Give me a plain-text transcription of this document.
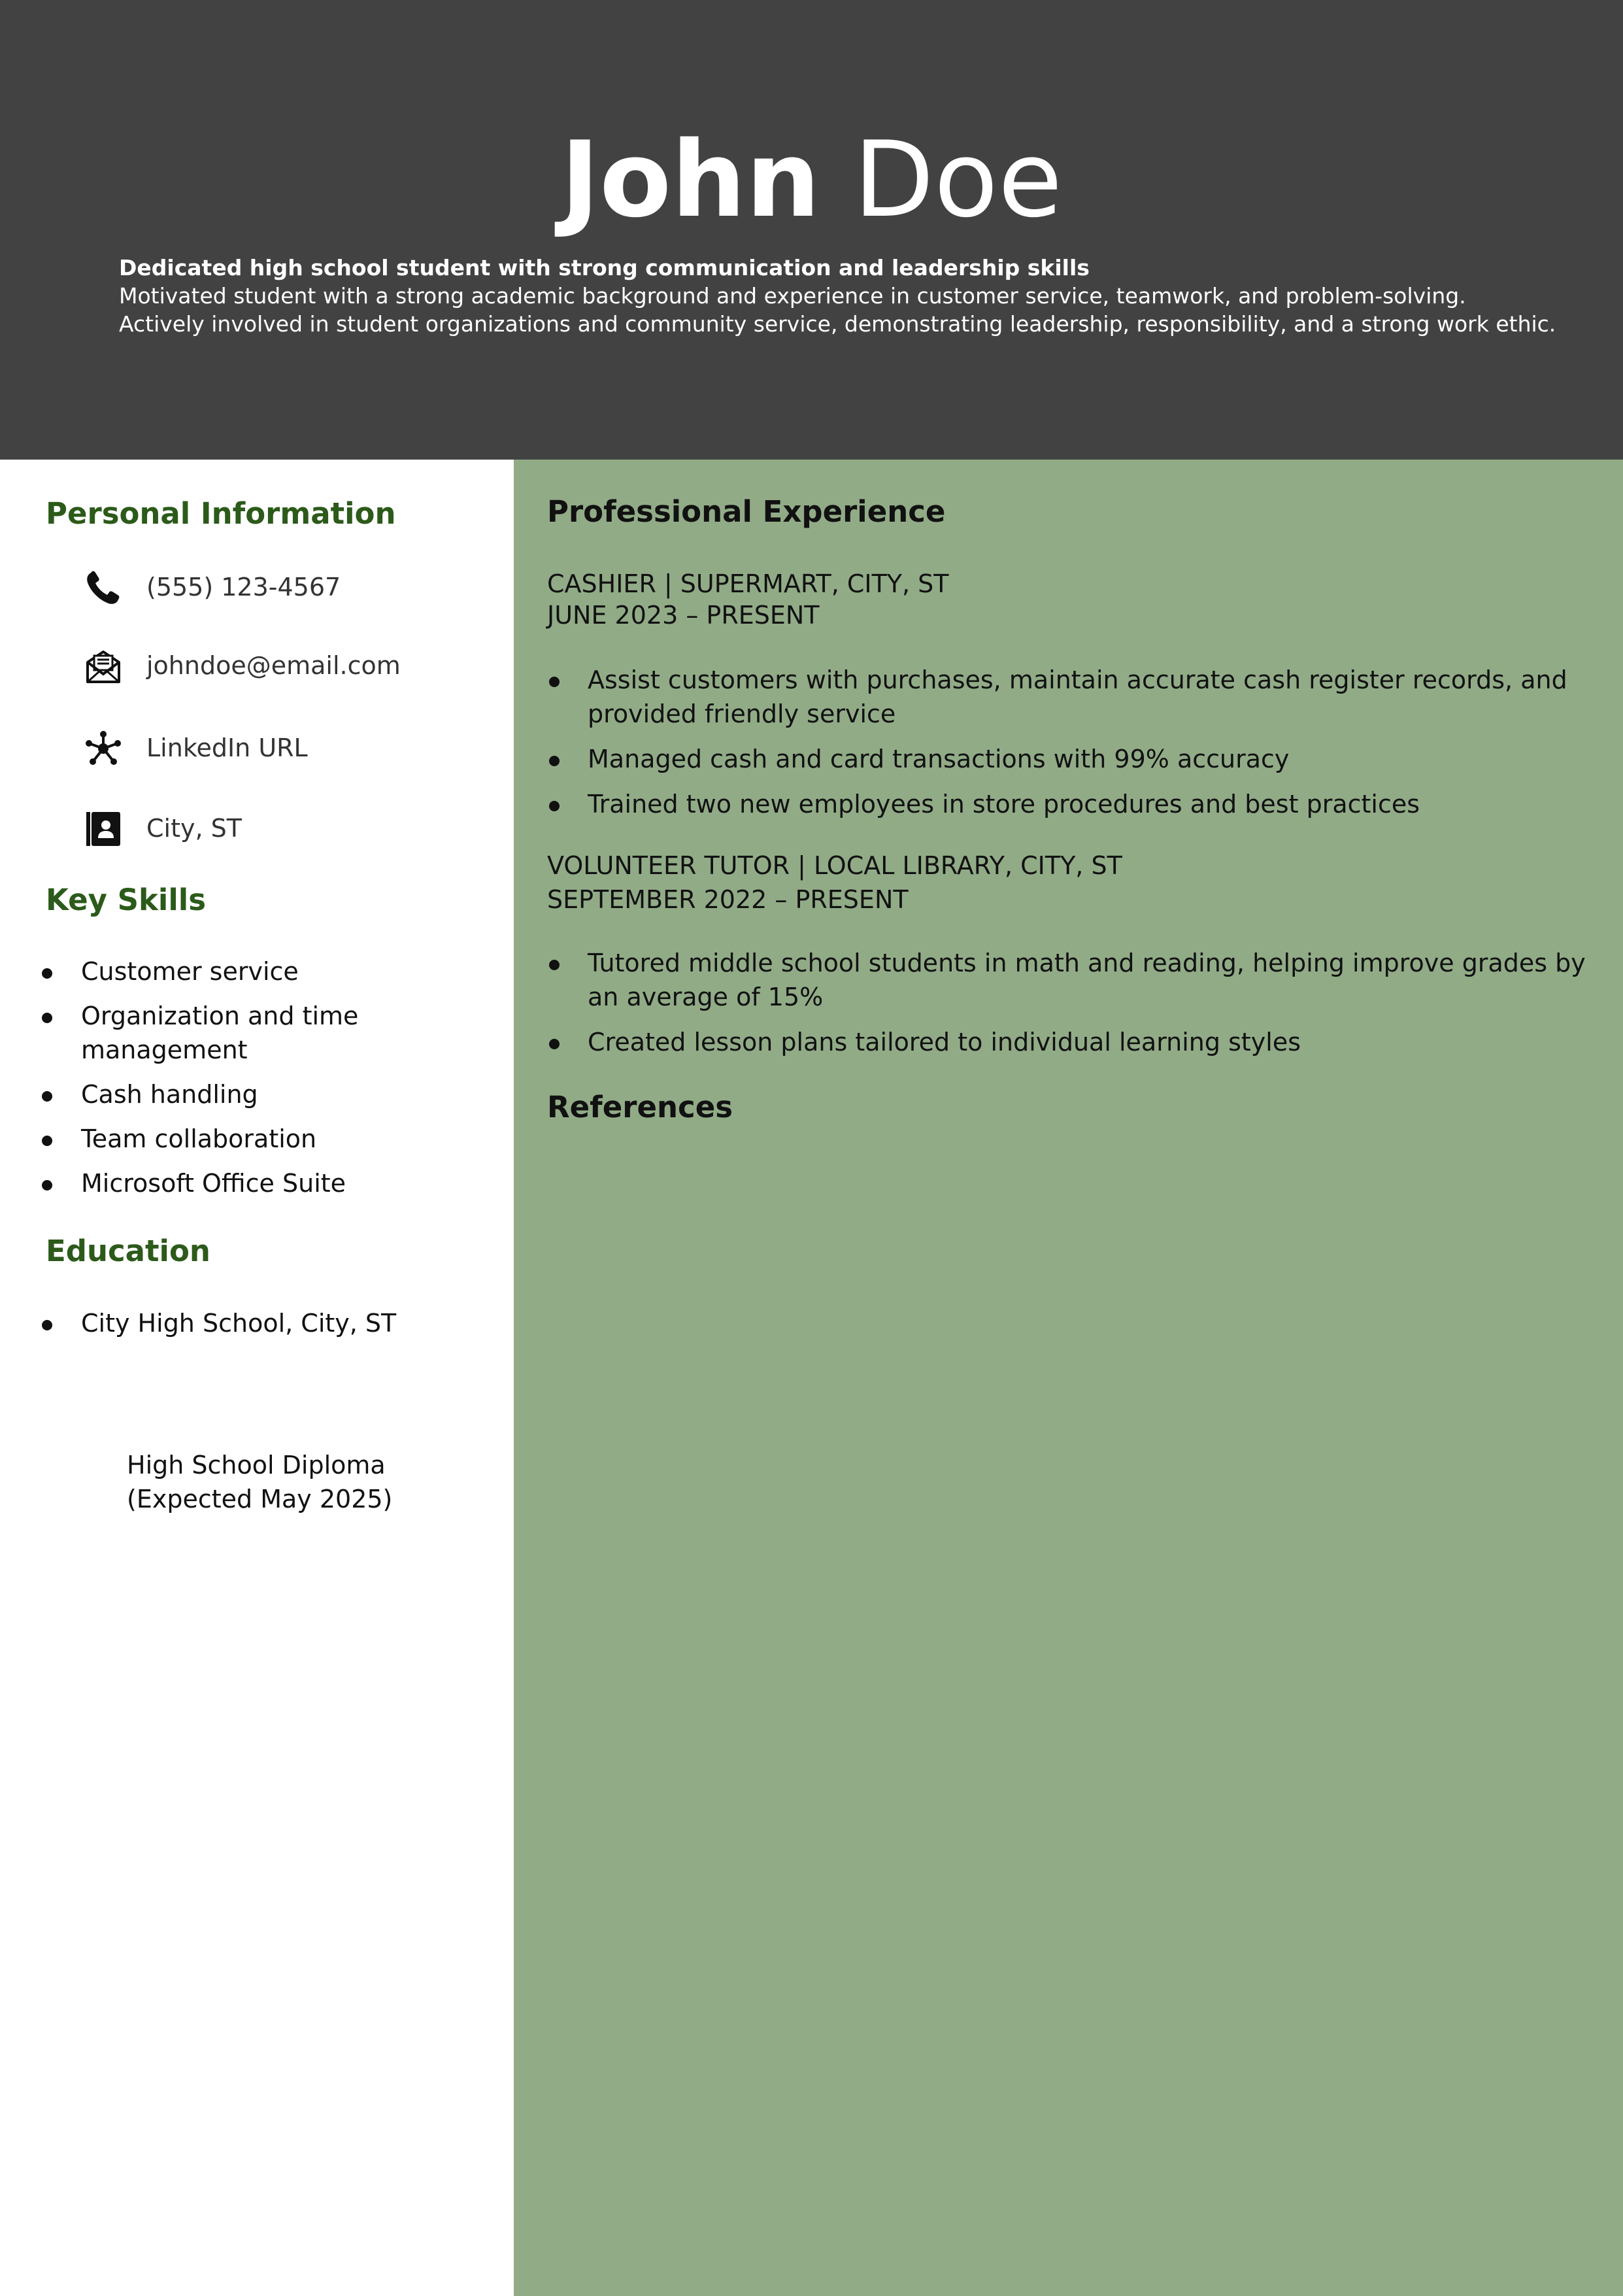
John Doe
Dedicated high school student with strong communication and leadership skills
Motivated student with a strong academic background and experience in customer service, teamwork, and problem-solving.
Actively involved in student organizations and community service, demonstrating leadership, responsibility, and a strong work ethic.
Personal Information
(555) 123-4567
johndoe@email.com
LinkedIn URL
City, ST
Key Skills
Customer service
Organization and time management
Cash handling
Team collaboration
Microsoft Office Suite
Education
City High School, City, ST
High School Diploma (Expected May 2025)
Professional Experience
CASHIER | SUPERMART, CITY, ST
JUNE 2023 – PRESENT
Assist customers with purchases, maintain accurate cash register records, and provided friendly service
Managed cash and card transactions with 99% accuracy
Trained two new employees in store procedures and best practices
VOLUNTEER TUTOR | LOCAL LIBRARY, CITY, ST
SEPTEMBER 2022 – PRESENT
Tutored middle school students in math and reading, helping improve grades by an average of 15%
Created lesson plans tailored to individual learning styles
References
